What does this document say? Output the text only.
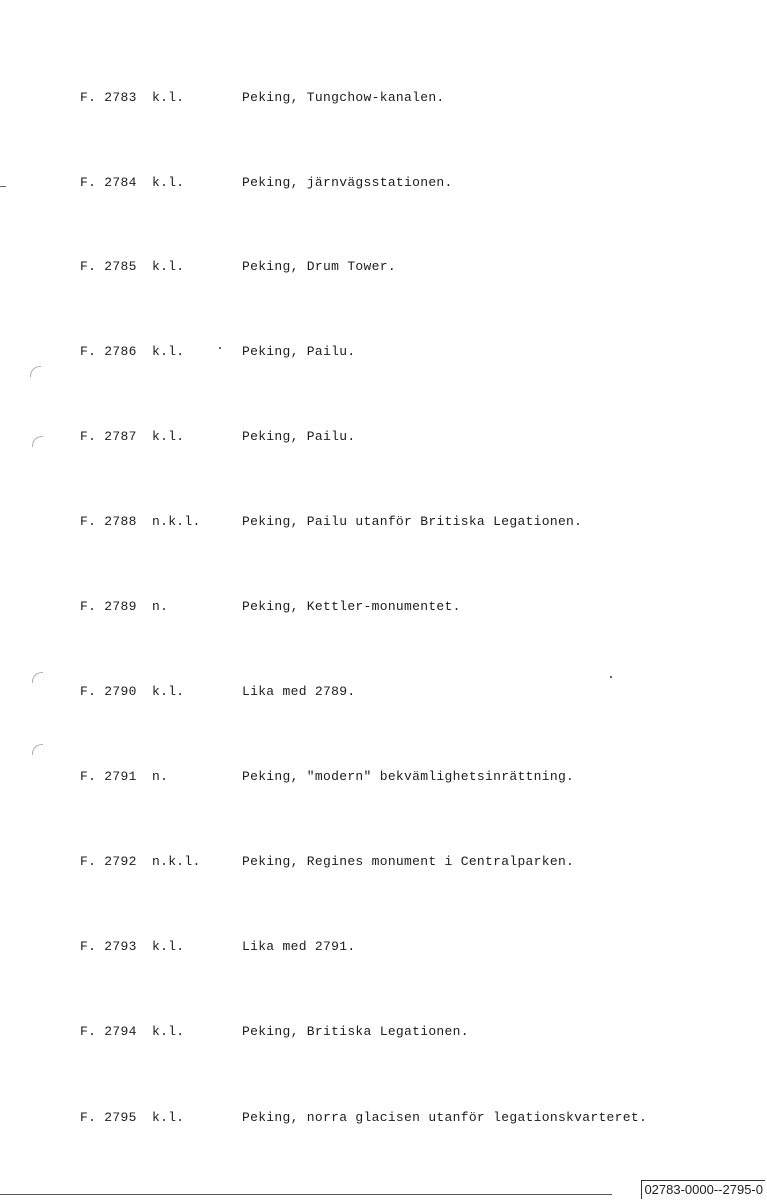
F. 2783 k.l.	Peking, Tungchow-kanalen.
F. 2784 k.l.	Peking, järnvägsstationen.
F. 2785 k.l.	Peking, Drum Tower.
F. 2786 k.l.	Peking, Pailu.
F. 2787 k.l.	Peking, Pailu.
F. 2788 n.k.l.	Peking, Pailu utanför Britiska Legationen.
F. 2789 n.	Peking, Kettler-monumentet.
F. 2790 k.l.	Lika med 2789.
F. 2791 n.	Peking, "modern" bekvämlighetsinrättning.
F. 2792 n.k.l.	Peking, Regines monument i Centralparken.
F. 2793 k.l.	Lika med 2791.
F. 2794 k.l.	Peking, Britiska Legationen.
F. 2795 k.l.	Peking, norra glacisen utanför legationskvarteret.
02783-0000--2795-0
